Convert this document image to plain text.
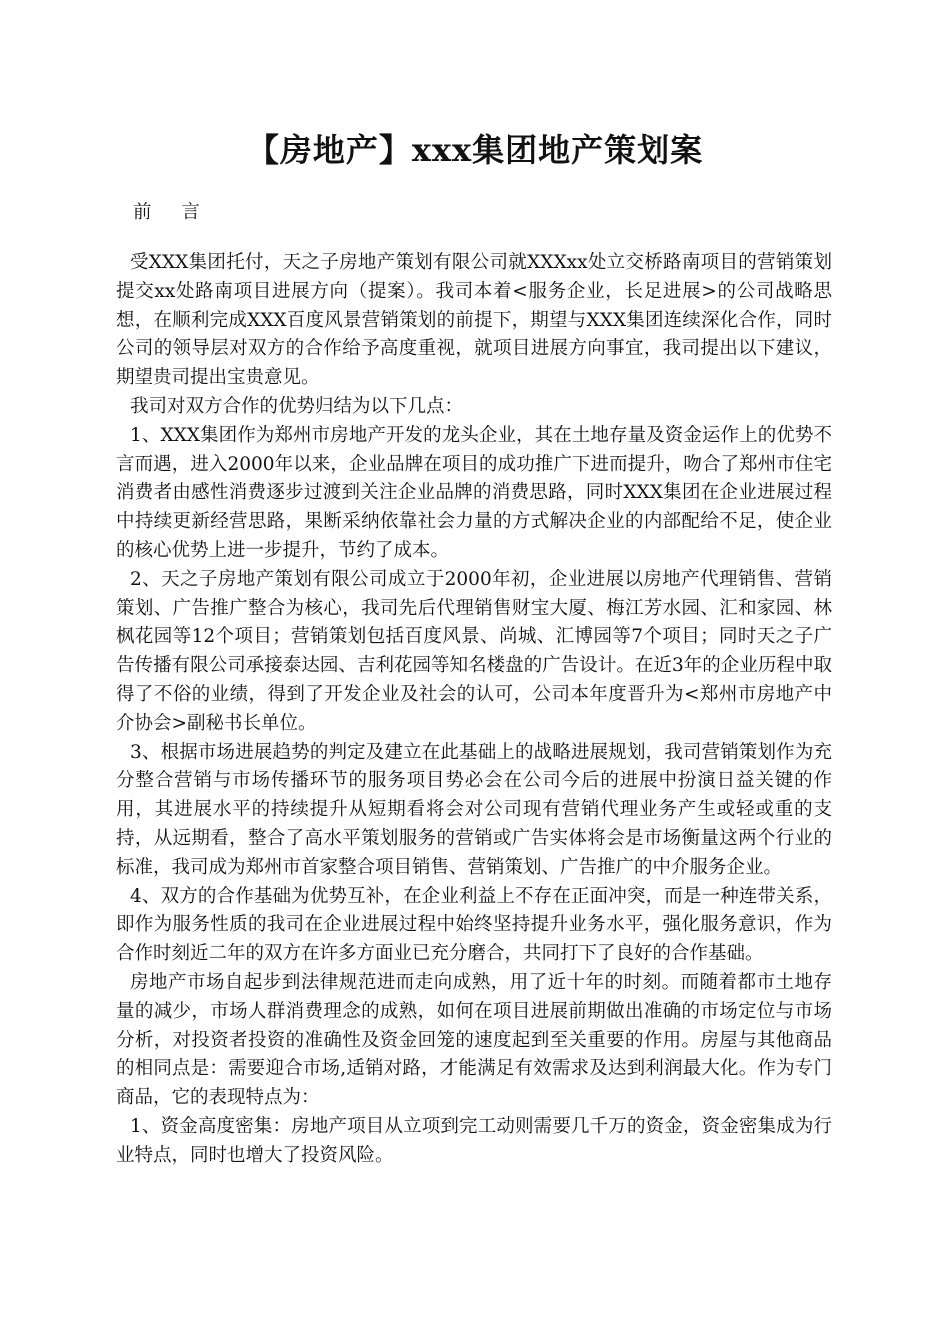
【房地产】xxx集团地产策划案
前 言

受XXX集团托付，天之子房地产策划有限公司就XXXxx处立交桥路南项目的营销策划提交xx处路南项目进展方向（提案）。我司本着<服务企业，长足进展>的公司战略思想，在顺利完成XXX百度风景营销策划的前提下，期望与XXX集团连续深化合作，同时公司的领导层对双方的合作给予高度重视，就项目进展方向事宜，我司提出以下建议，期望贵司提出宝贵意见。

我司对双方合作的优势归结为以下几点：

1、XXX集团作为郑州市房地产开发的龙头企业，其在土地存量及资金运作上的优势不言而遇，进入2000年以来，企业品牌在项目的成功推广下进而提升，吻合了郑州市住宅消费者由感性消费逐步过渡到关注企业品牌的消费思路，同时XXX集团在企业进展过程中持续更新经营思路，果断采纳依靠社会力量的方式解决企业的内部配给不足，使企业的核心优势上进一步提升，节约了成本。

2、天之子房地产策划有限公司成立于2000年初，企业进展以房地产代理销售、营销策划、广告推广整合为核心，我司先后代理销售财宝大厦、梅江芳水园、汇和家园、林枫花园等12个项目；营销策划包括百度风景、尚城、汇博园等7个项目；同时天之子广告传播有限公司承接泰达园、吉利花园等知名楼盘的广告设计。在近3年的企业历程中取得了不俗的业绩，得到了开发企业及社会的认可，公司本年度晋升为<郑州市房地产中介协会>副秘书长单位。

3、根据市场进展趋势的判定及建立在此基础上的战略进展规划，我司营销策划作为充分整合营销与市场传播环节的服务项目势必会在公司今后的进展中扮演日益关键的作用，其进展水平的持续提升从短期看将会对公司现有营销代理业务产生或轻或重的支持，从远期看，整合了高水平策划服务的营销或广告实体将会是市场衡量这两个行业的标准，我司成为郑州市首家整合项目销售、营销策划、广告推广的中介服务企业。

4、双方的合作基础为优势互补，在企业利益上不存在正面冲突，而是一种连带关系，即作为服务性质的我司在企业进展过程中始终坚持提升业务水平，强化服务意识，作为合作时刻近二年的双方在许多方面业已充分磨合，共同打下了良好的合作基础。

房地产市场自起步到法律规范进而走向成熟，用了近十年的时刻。而随着都市土地存量的减少，市场人群消费理念的成熟，如何在项目进展前期做出准确的市场定位与市场分析，对投资者投资的准确性及资金回笼的速度起到至关重要的作用。房屋与其他商品的相同点是：需要迎合市场,适销对路，才能满足有效需求及达到利润最大化。作为专门商品，它的表现特点为：

1、资金高度密集：房地产项目从立项到完工动则需要几千万的资金，资金密集成为行业特点，同时也增大了投资风险。
